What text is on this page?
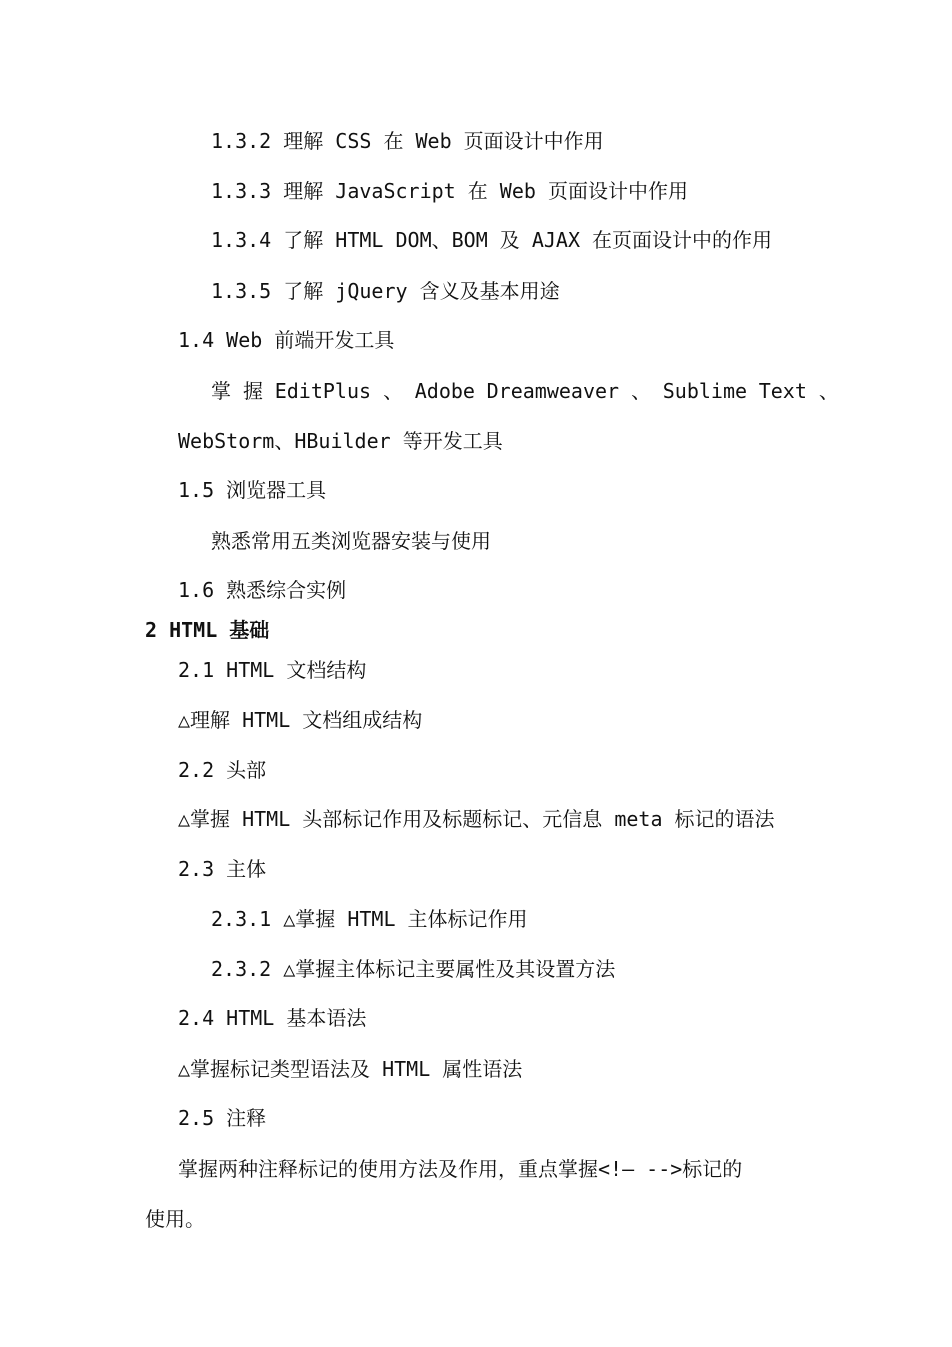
1.3.2 理解 CSS 在 Web 页面设计中作用

1.3.3 理解 JavaScript 在 Web 页面设计中作用

1.3.4 了解 HTML DOM、BOM 及 AJAX 在页面设计中的作用

1.3.5 了解 jQuery 含义及基本用途

1.4 Web 前端开发工具

掌 握 EditPlus 、 Adobe Dreamweaver 、 Sublime Text 、

WebStorm、HBuilder 等开发工具

1.5 浏览器工具

熟悉常用五类浏览器安装与使用

1.6 熟悉综合实例

2 HTML 基础

2.1 HTML 文档结构

△理解 HTML 文档组成结构

2.2 头部

△掌握 HTML 头部标记作用及标题标记、元信息 meta 标记的语法

2.3 主体

2.3.1 △掌握 HTML 主体标记作用

2.3.2 △掌握主体标记主要属性及其设置方法

2.4 HTML 基本语法

△掌握标记类型语法及 HTML 属性语法

2.5 注释

掌握两种注释标记的使用方法及作用，重点掌握<!— -->标记的

使用。
